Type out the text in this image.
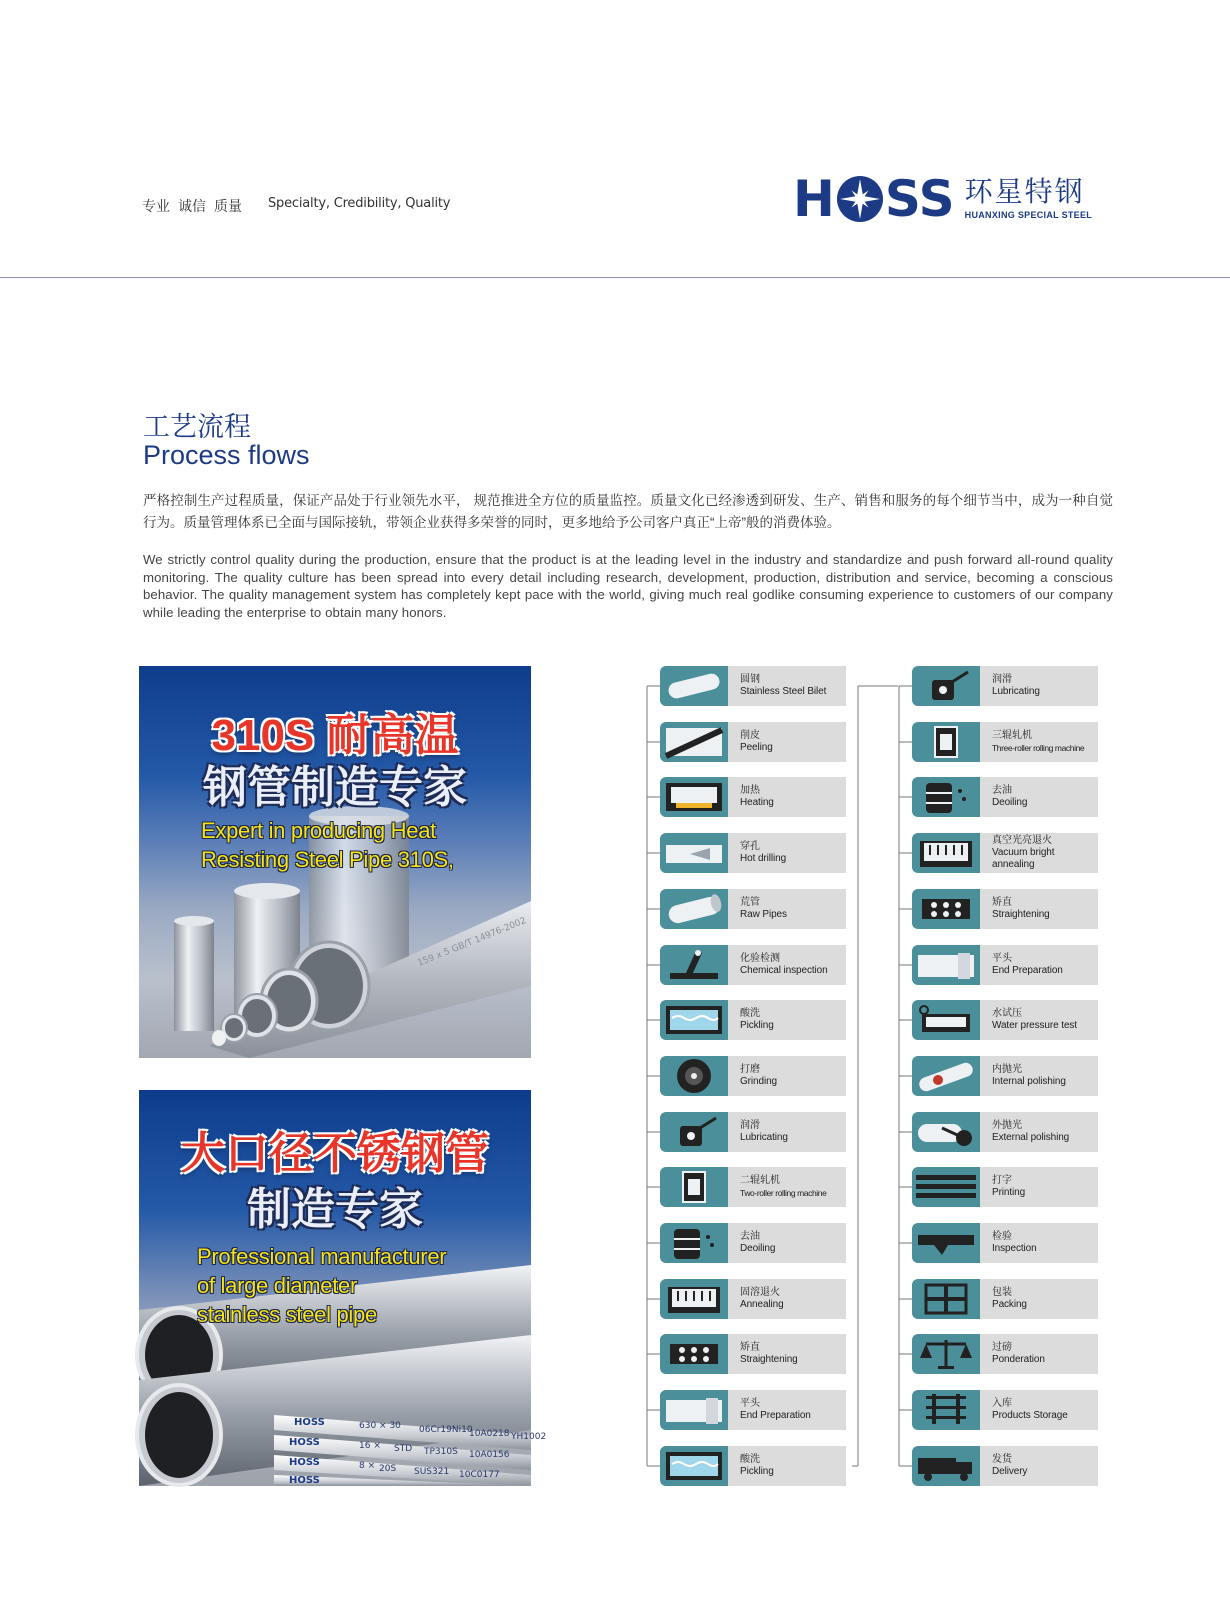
专业 诚信 质量 Specialty, Credibility, Quality	H SS 环星特钢
HUANXING SPECIAL STEEL
工艺流程
Process flows
严格控制生产过程质量，保证产品处于行业领先水平， 规范推进全方位的质量监控。质量文化已经渗透到研发、生产、销售和服务的每个细节当中，成为一种自觉行为。质量管理体系已全面与国际接轨，带领企业获得多荣誉的同时，更多地给予公司客户真正“上帝”般的消费体验。
We strictly control quality during the production, ensure that the product is at the leading level in the industry and standardize and push forward all-round quality monitoring. The quality culture has been spread into every detail including research, development, production, distribution and service, becoming a conscious behavior. The quality management system has completely kept pace with the world, giving much real godlike consuming experience to customers of our company while leading the enterprise to obtain many honors.
159 x 5 GB/T 14976-2002
310S 耐高温
钢管制造专家
Expert in producing Heat
Resisting Steel Pipe 310S,
HOSS	630 × 30 06Cr19Ni10
10A0218 YH1002
HOSS	16 × STD TP310S 10A0156
HOSS	8 × 20S SUS321 10C0177
HOSS
大口径不锈钢管
制造专家
Professional manufacturer
of large diameter
stainless steel pipe
圆钢
Stainless Steel Bilet
削皮
Peeling
加热
Heating
穿孔
Hot drilling
荒管
Raw Pipes
化验检测
Chemical inspection
酸洗
Pickling
打磨
Grinding
润滑
Lubricating
二辊轧机
Two-roller rolling machine
去油
Deoiling
固溶退火
Annealing
矫直
Straightening
平头
End Preparation
酸洗
Pickling
润滑
Lubricating
三辊轧机
Three-roller rolling machine
去油
Deoiling
真空光亮退火
Vacuum bright annealing
矫直
Straightening
平头
End Preparation
水试压
Water pressure test
内抛光
Internal polishing
外抛光
External polishing
打字
Printing
检验
Inspection
包装
Packing
过磅
Ponderation
入库
Products Storage
发货
Delivery
